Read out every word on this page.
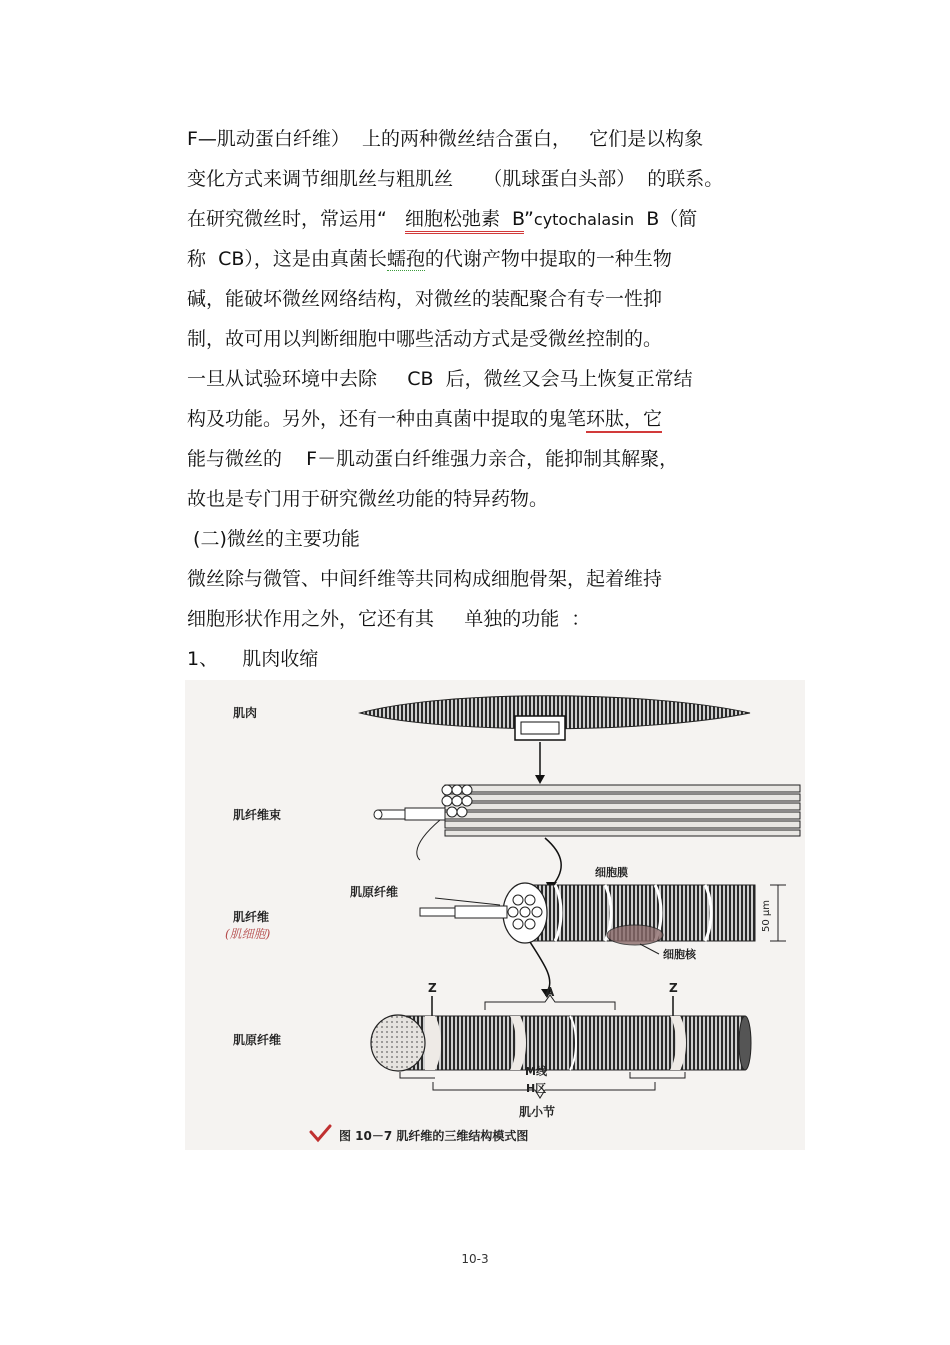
F—肌动蛋白纤维）  上的两种微丝结合蛋白，   它们是以构象
变化方式来调节细肌丝与粗肌丝     （肌球蛋白头部）  的联系。
在研究微丝时，常运用“   细胞松弛素  B”cytochalasin  B（简
称  CB），这是由真菌长蠕孢的代谢产物中提取的一种生物
碱，能破坏微丝网络结构，对微丝的装配聚合有专一性抑
制，故可用以判断细胞中哪些活动方式是受微丝控制的。
一旦从试验环境中去除     CB  后，微丝又会马上恢复正常结
构及功能。另外，还有一种由真菌中提取的鬼笔环肽，它
能与微丝的    F－肌动蛋白纤维强力亲合，能抑制其解聚，
故也是专门用于研究微丝功能的特异药物。
(二)微丝的主要功能
微丝除与微管、中间纤维等共同构成细胞骨架，起着维持
细胞形状作用之外，它还有其     单独的功能  ：
1、    肌肉收缩
肌肉
肌纤维束
肌原纤维
细胞膜
肌纤维
(肌细胞)
50 μm
细胞核
Z	A	Z
肌原纤维
M线
H区
肌小节
图 10－7 肌纤维的三维结构模式图
10-3
